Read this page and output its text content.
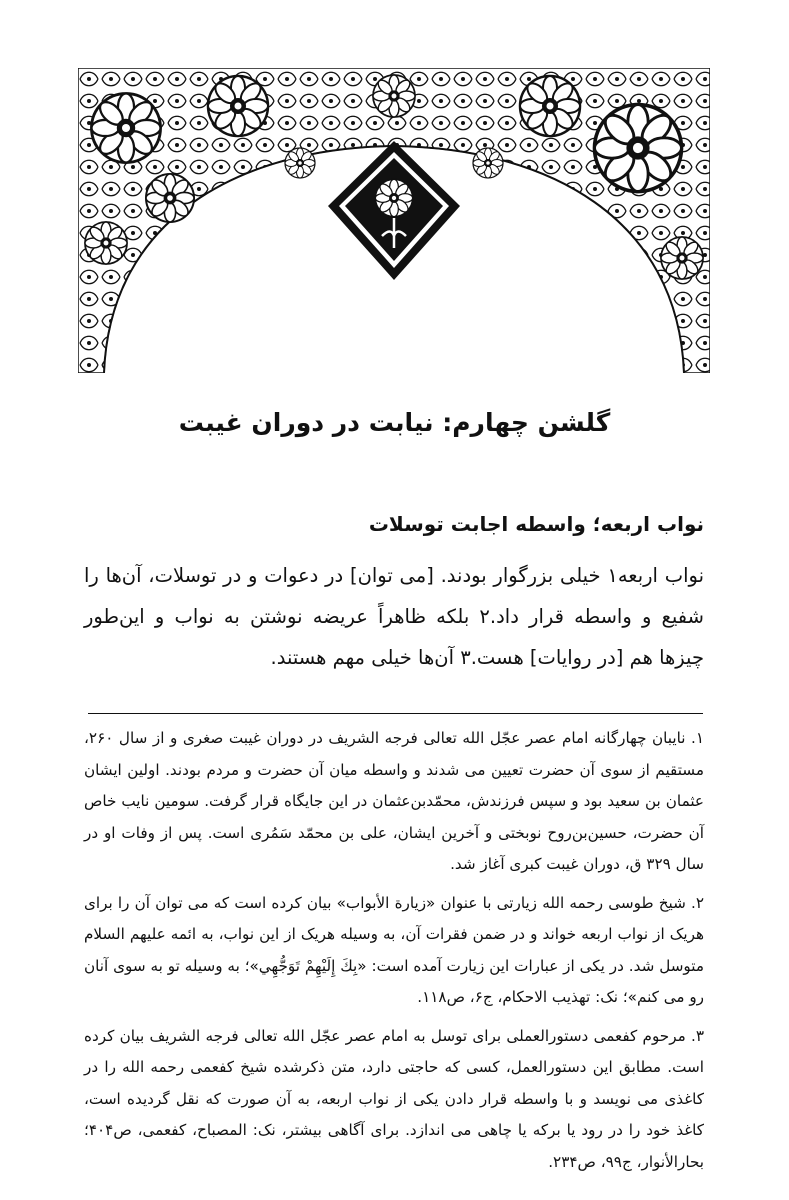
گلشن چهارم: نیابت در دوران غیبت
نواب اربعه؛ واسطه اجابت توسلات

نواب اربعه۱ خیلی بزرگوار بودند. [می توان] در دعوات و در توسلات، آن‌ها را شفیع و واسطه قرار داد.۲ بلکه ظاهراً عریضه نوشتن به نواب و این‌طور چیزها هم [در روایات] هست.۳ آن‌ها خیلی مهم هستند.

۱. نایبان چهارگانه امام عصر عجّل الله تعالی فرجه الشریف در دوران غیبت صغری و از سال ۲۶۰، مستقیم از سوی آن حضرت تعیین می شدند و واسطه میان آن حضرت و مردم بودند. اولین ایشان عثمان بن سعید بود و سپس فرزندش، محمّد‌بن‌عثمان در این جایگاه قرار گرفت. سومین نایب خاص آن حضرت، حسین‌بن‌روح نوبختی و آخرین ایشان، علی بن محمّد سَمُری است. پس از وفات او در سال ۳۲۹ ق، دوران غیبت کبری آغاز شد.

۲. شیخ طوسی رحمه الله زیارتی با عنوان «زیارة الأبواب» بیان کرده است که می توان آن را برای هریک از نواب اربعه خواند و در ضمن فقرات آن، به وسیله هریک از این نواب، به ائمه علیهم السلام متوسل شد. در یکی از عبارات این زیارت آمده است: «بِكَ إِلَيْهِمْ تَوَجُّهِي»؛ به وسیله تو به سوی آنان رو می کنم»؛ نک: تهذیب الاحکام، ج۶، ص۱۱۸.

۳. مرحوم کفعمی دستورالعملی برای توسل به امام عصر عجّل الله تعالی فرجه الشریف بیان کرده است. مطابق این دستورالعمل، کسی که حاجتی دارد، متن ذکرشده شیخ کفعمی رحمه الله را در کاغذی می نویسد و با واسطه قرار دادن یکی از نواب اربعه، به آن صورت که نقل گردیده است، کاغذ خود را در رود یا برکه یا چاهی می اندازد. برای آگاهی بیشتر، نک: المصباح، کفعمی، ص۴۰۴؛ بحارالأنوار، ج۹۹، ص۲۳۴.
